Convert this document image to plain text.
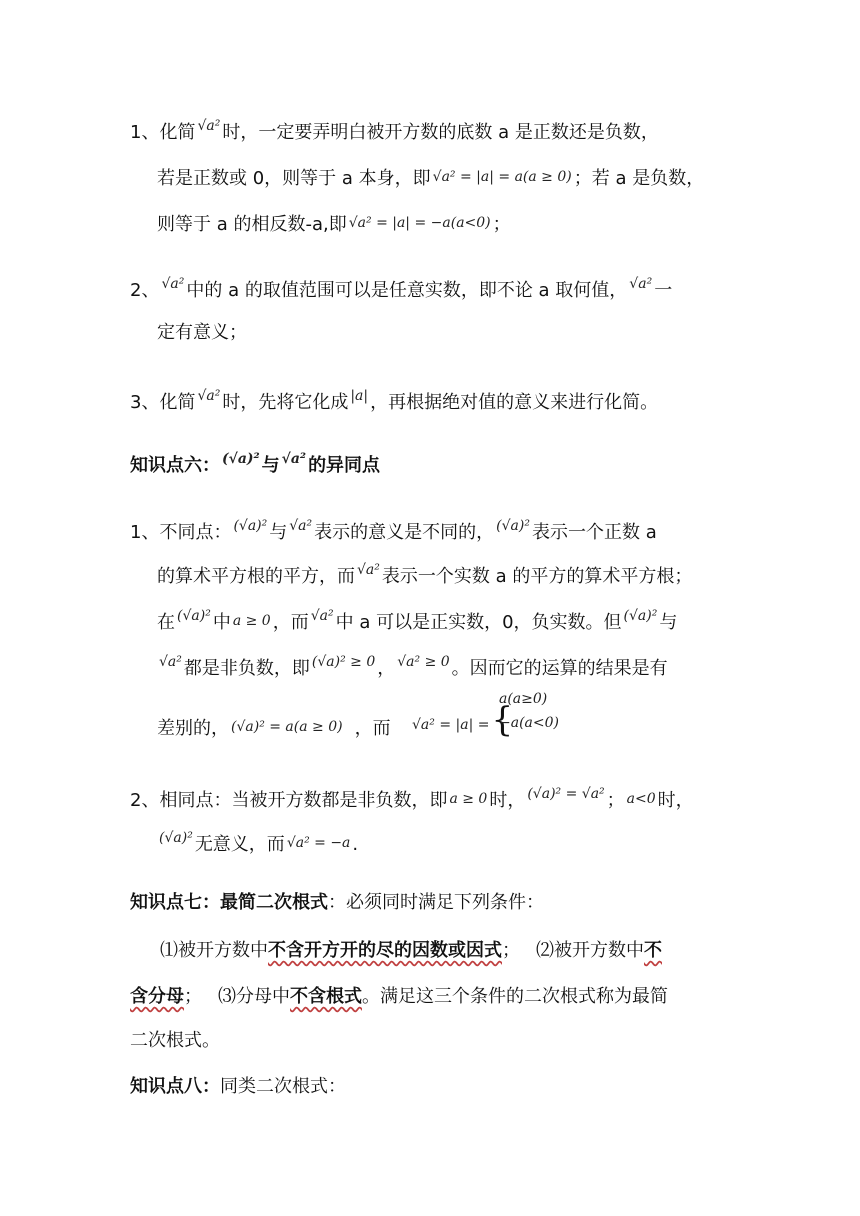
1、化简 √a² 时，一定要弄明白被开方数的底数 a 是正数还是负数，
若是正数或 0，则等于 a 本身，即 √a² = |a| = a(a ≥ 0) ；若 a 是负数，
则等于 a 的相反数-a,即 √a² = |a| = −a(a<0) ；
2、 √a² 中的 a 的取值范围可以是任意实数，即不论 a 取何值， √a² 一
定有意义；
3、化简 √a² 时，先将它化成 |a| ，再根据绝对值的意义来进行化简。
知识点六： (√a)² 与 √a² 的异同点
1、不同点： (√a)² 与 √a² 表示的意义是不同的， (√a)² 表示一个正数 a
的算术平方根的平方，而 √a² 表示一个实数 a 的平方的算术平方根；
在 (√a)² 中 a ≥ 0 ，而 √a² 中 a 可以是正实数，0，负实数。但 (√a)² 与
√a² 都是非负数，即 (√a)² ≥ 0 ， √a² ≥ 0 。因而它的运算的结果是有
差别的， (√a)² = a(a ≥ 0) ，而 √a² = |a| ={
a(a≥0)
−a(a<0)
2、相同点：当被开方数都是非负数，即 a ≥ 0 时， (√a)² = √a² ； a<0 时，
(√a)² 无意义，而 √a² = −a .
知识点七：最简二次根式：必须同时满足下列条件：
⑴被开方数中不含开方开的尽的因数或因式； ⑵被开方数中不
含分母； ⑶分母中不含根式。满足这三个条件的二次根式称为最简
二次根式。
知识点八：同类二次根式：
